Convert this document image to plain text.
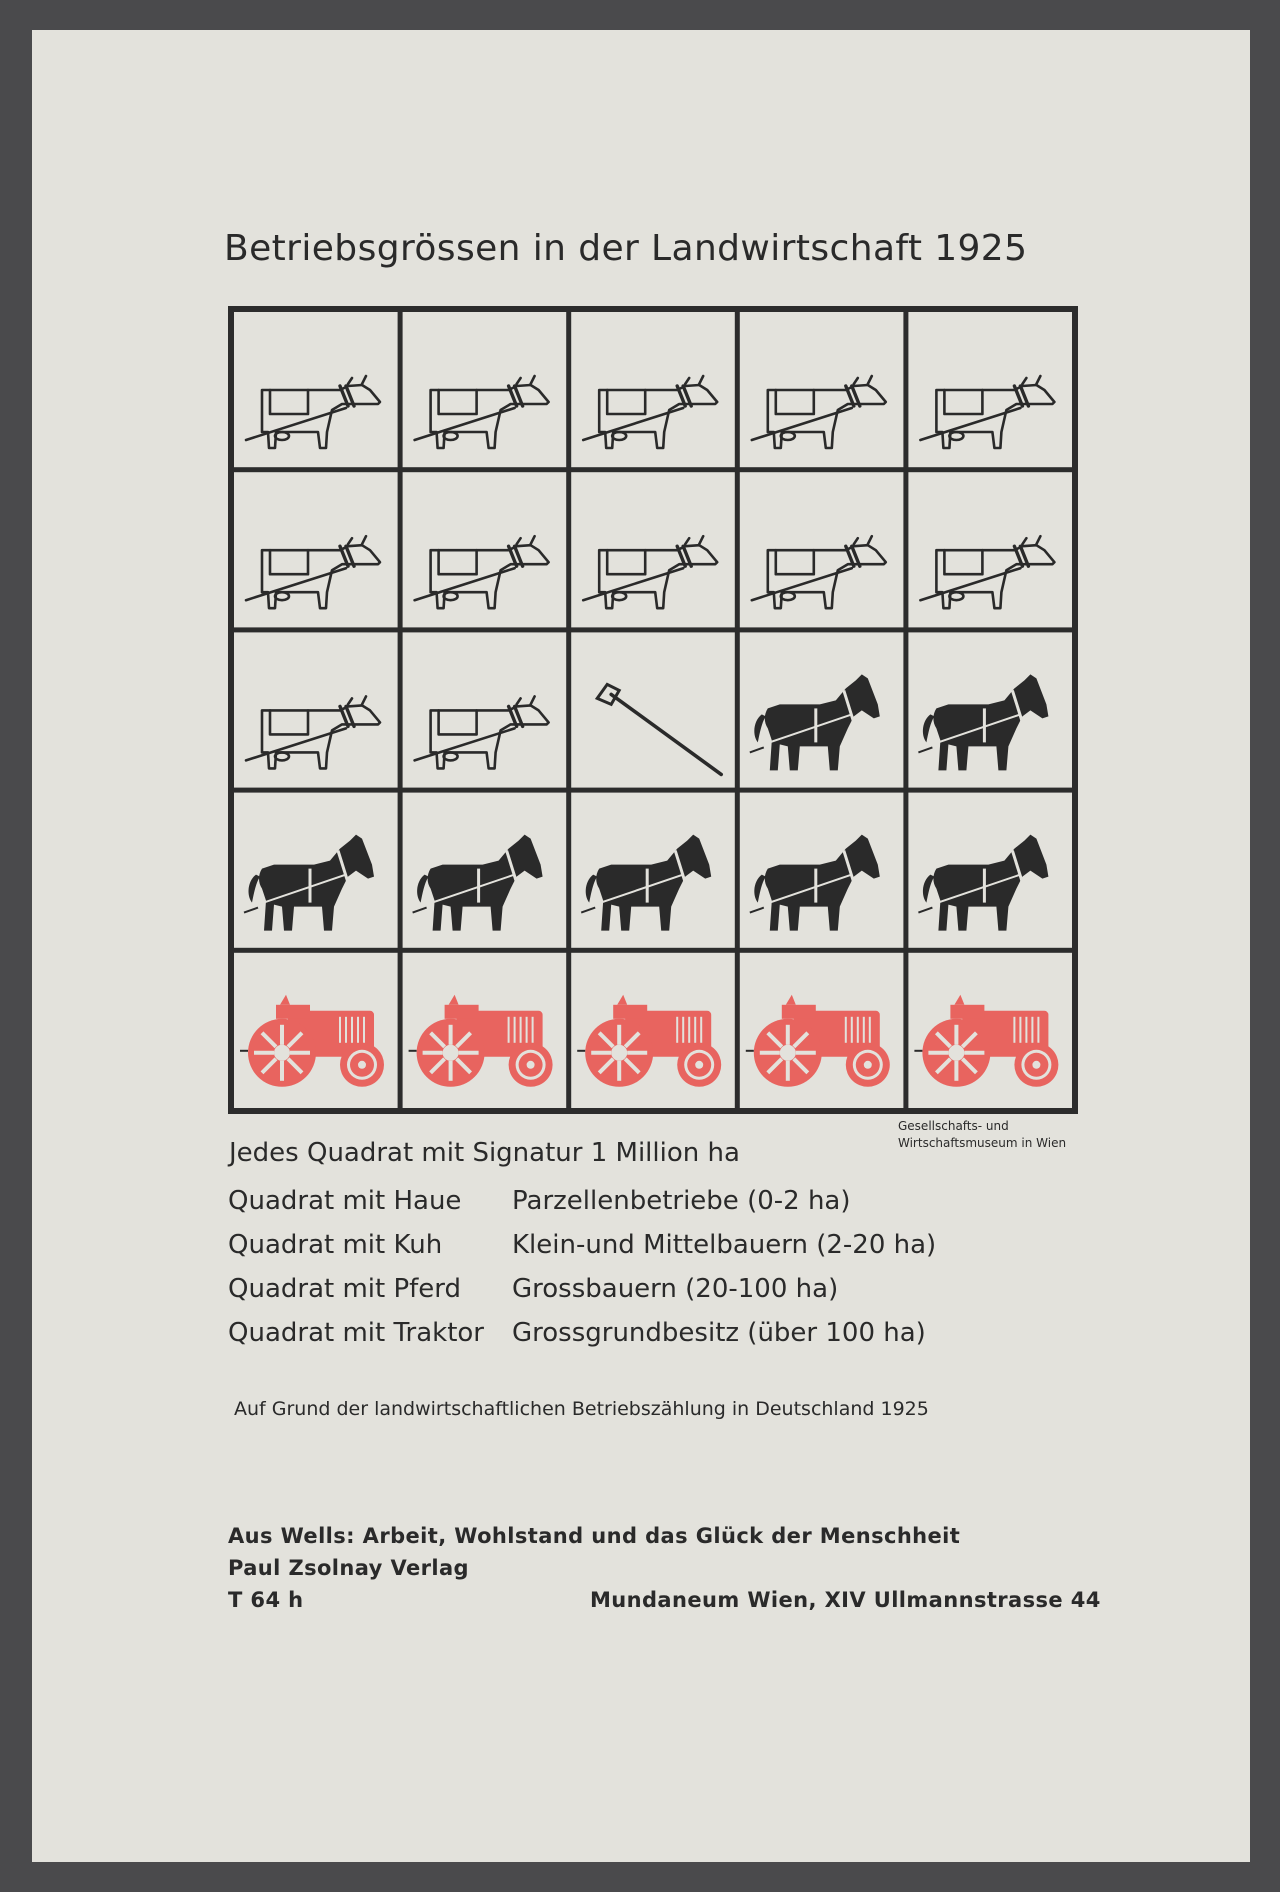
Betriebsgrössen in der Landwirtschaft 1925
Gesellschafts- und
Wirtschaftsmuseum in Wien
Jedes Quadrat mit Signatur 1 Million ha
Quadrat mit Haue Parzellenbetriebe (0-2 ha)
Quadrat mit Kuh	Klein-und Mittelbauern (2-20 ha)
Quadrat mit Pferd Grossbauern (20-100 ha)
Quadrat mit Traktor Grossgrundbesitz (über 100 ha)
Auf Grund der landwirtschaftlichen Betriebszählung in Deutschland 1925
Aus Wells: Arbeit, Wohlstand und das Glück der Menschheit
Paul Zsolnay Verlag
T 64 h	Mundaneum Wien, XIV Ullmannstrasse 44
